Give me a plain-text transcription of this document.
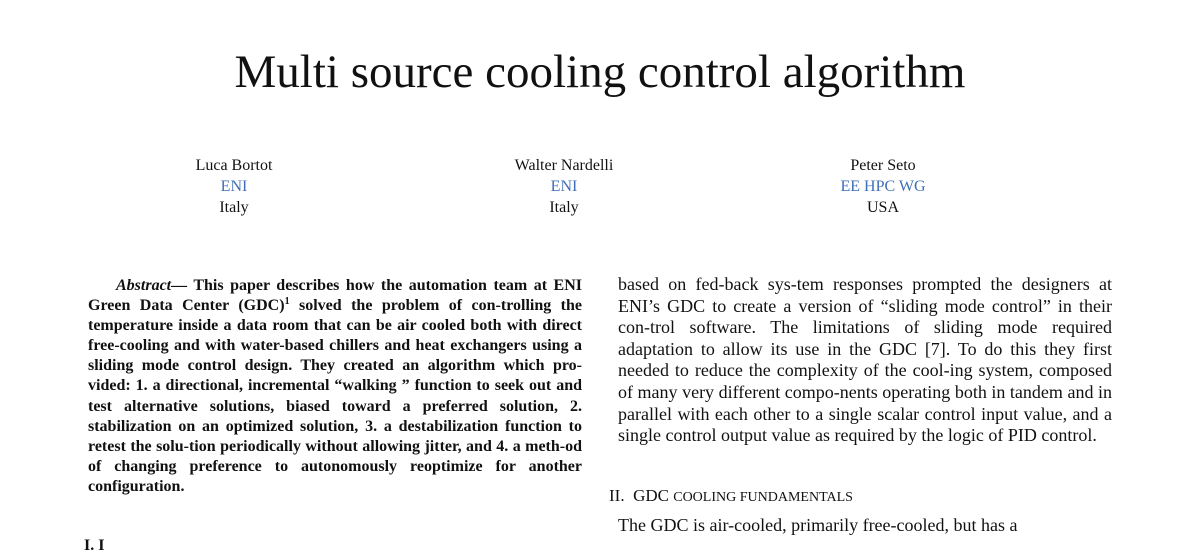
Multi source cooling control algorithm
Luca Bortot
ENI
Italy
Walter Nardelli
ENI
Italy
Peter Seto
EE HPC WG
USA

Abstract— This paper describes how the automation team at ENI Green Data Center (GDC)$^1$ solved the problem of con-trolling the temperature inside a data room that can be air cooled both with direct free-cooling and with water-based chillers and heat exchangers using a sliding mode control design. They created an algorithm which pro-vided: 1. a directional, incremental “walking ” function to seek out and test alternative solutions, biased toward a preferred solution, 2. stabilization on an optimized solution, 3. a destabilization function to retest the solu-tion periodically without allowing jitter, and 4. a meth-od of changing preference to autonomously reoptimize for another configuration.

based on fed-back sys-tem responses prompted the designers at ENI’s GDC to create a version of “sliding mode control” in their con-trol software. The limitations of sliding mode required adaptation to allow its use in the GDC [7]. To do this they first needed to reduce the complexity of the cool-ing system, composed of many very different compo-nents operating both in tandem and in parallel with each other to a single scalar control input value, and a single control output value as required by the logic of PID control.

II. GDC COOLING FUNDAMENTALS

The GDC is air-cooled, primarily free-cooled, but has a

I. I
